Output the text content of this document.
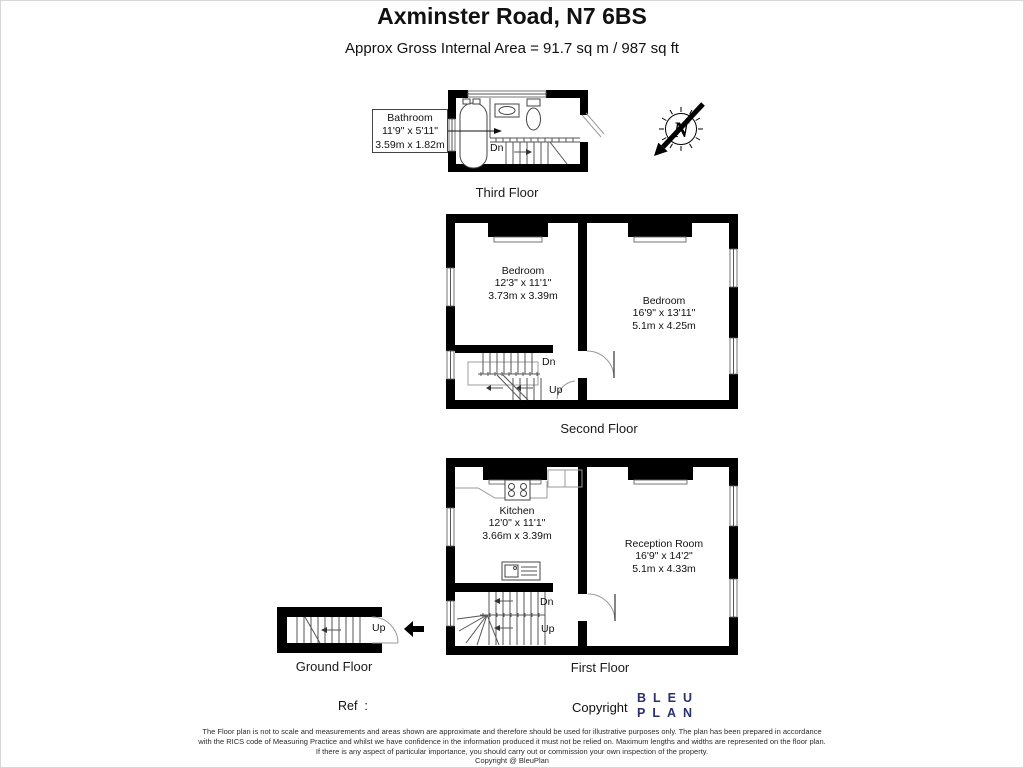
Axminster Road, N7 6BS
Approx Gross Internal Area = 91.7 sq m / 987 sq ft
Bathroom
11'9" x 5'11"
3.59m x 1.82m	Dn
Third Floor
N
Bedroom
12'3" x 11'1"
3.73m x 3.39m	Bedroom
16'9" x 13'11"
5.1m x 4.25m
Dn
Up
Second Floor
Kitchen
12'0" x 11'1"
3.66m x 3.39m
Reception Room
16'9" x 14'2"
5.1m x 4.33m
Dn
Up
First Floor
Up
Ground Floor
Ref  :	Copyright
BLEU
PLAN
The Floor plan is not to scale and measurements and areas shown are approximate and therefore should be used for illustrative purposes only. The plan has been prepared in accordance
with the RICS code of Measuring Practice and whilst we have confidence in the information produced it must not be relied on. Maximum lengths and widths are represented on the floor plan.
If there is any aspect of particular importance, you should carry out or commission your own inspection of the property.
Copyright @ BleuPlan
